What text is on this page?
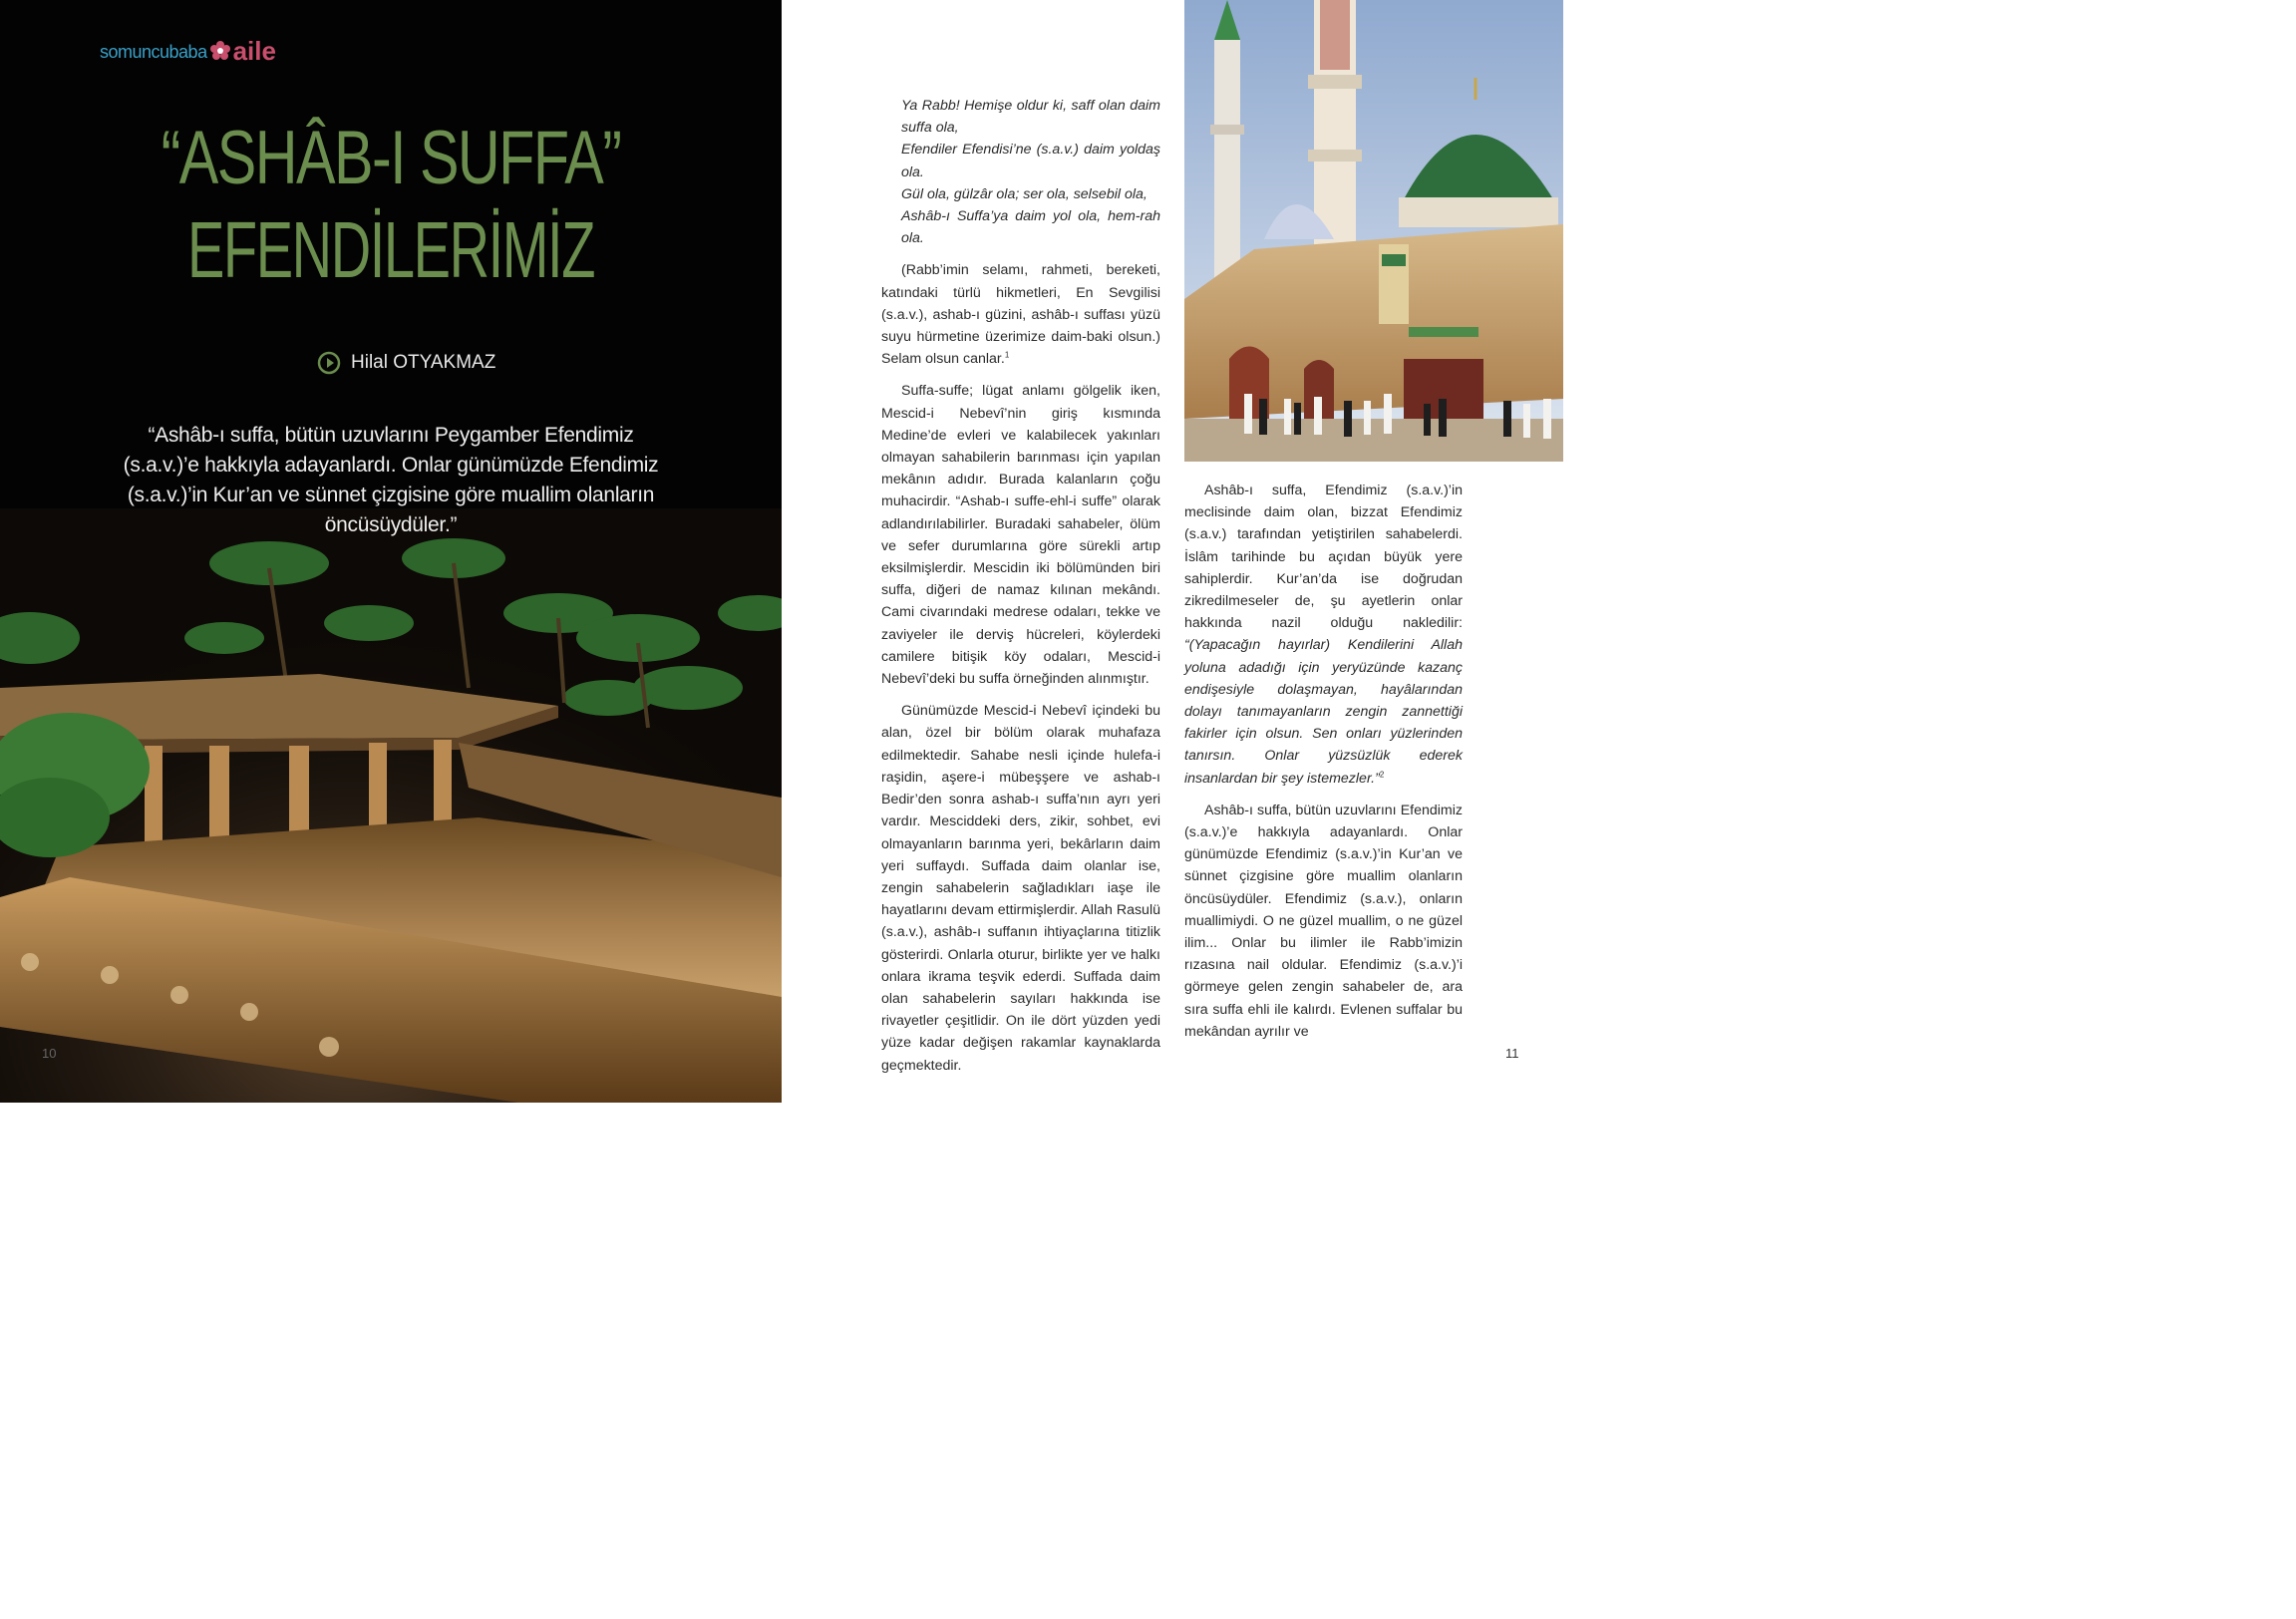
somuncubaba aile
“ASHÂB-I SUFFA”
EFENDİLERİMİZ
Hilal OTYAKMAZ
“Ashâb-ı suffa, bütün uzuvlarını Peygamber Efendimiz (s.a.v.)’e hakkıyla adayanlardı. Onlar günümüzde Efendimiz (s.a.v.)’in Kur’an ve sünnet çizgisine göre muallim olanların öncüsüydüler.”
10

Ya Rabb! Hemişe oldur ki, saff olan daim suffa ola,
Efendiler Efendisi’ne (s.a.v.) daim yoldaş ola.
Gül ola, gülzâr ola; ser ola, selsebil ola,
Ashâb-ı Suffa’ya daim yol ola, hem-rah ola.

(Rabb’imin selamı, rahmeti, bereketi, katındaki türlü hikmetleri, En Sevgilisi (s.a.v.), ashab-ı güzini, ashâb-ı suffası yüzü suyu hürmetine üzerimize daim-baki olsun.) Selam olsun canlar.$^1$

Suffa-suffe; lügat anlamı gölgelik iken, Mescid-i Nebevî’nin giriş kısmında Medine’de evleri ve kalabilecek yakınları olmayan sahabilerin barınması için yapılan mekânın adıdır. Burada kalanların çoğu muhacirdir. “Ashab-ı suffe-ehl-i suffe” olarak adlandırılabilirler. Buradaki sahabeler, ölüm ve sefer durumlarına göre sürekli artıp eksilmişlerdir. Mescidin iki bölümünden biri suffa, diğeri de namaz kılınan mekândı. Cami civarındaki medrese odaları, tekke ve zaviyeler ile derviş hücreleri, köylerdeki camilere bitişik köy odaları, Mescid-i Nebevî’deki bu suffa örneğinden alınmıştır.

Günümüzde Mescid-i Nebevî içindeki bu alan, özel bir bölüm olarak muhafaza edilmektedir. Sahabe nesli içinde hulefa-i raşidin, aşere-i mübeşşere ve ashab-ı Bedir’den sonra ashab-ı suffa’nın ayrı yeri vardır. Mesciddeki ders, zikir, sohbet, evi olmayanların barınma yeri, bekârların daim yeri suffaydı. Suffada daim olanlar ise, zengin sahabelerin sağladıkları iaşe ile hayatlarını devam ettirmişlerdir. Allah Rasulü (s.a.v.), ashâb-ı suffanın ihtiyaçlarına titizlik gösterirdi. Onlarla oturur, birlikte yer ve halkı onlara ikrama teşvik ederdi. Suffada daim olan sahabelerin sayıları hakkında ise rivayetler çeşitlidir. On ile dört yüzden yedi yüze kadar değişen rakamlar kaynaklarda geçmektedir.

Ashâb-ı suffa, Efendimiz (s.a.v.)’in meclisinde daim olan, bizzat Efendimiz (s.a.v.) tarafından yetiştirilen sahabelerdi. İslâm tarihinde bu açıdan büyük yere sahiplerdir. Kur’an’da ise doğrudan zikredilmeseler de, şu ayetlerin onlar hakkında nazil olduğu nakledilir: “(Yapacağın hayırlar) Kendilerini Allah yoluna adadığı için yeryüzünde kazanç endişesiyle dolaşmayan, hayâlarından dolayı tanımayanların zengin zannettiği fakirler için olsun. Sen onları yüzlerinden tanırsın. Onlar yüzsüzlük ederek insanlardan bir şey istemezler.”$^2$

Ashâb-ı suffa, bütün uzuvlarını Efendimiz (s.a.v.)’e hakkıyla adayanlardı. Onlar günümüzde Efendimiz (s.a.v.)’in Kur’an ve sünnet çizgisine göre muallim olanların öncüsüydüler. Efendimiz (s.a.v.), onların muallimiydi. O ne güzel muallim, o ne güzel ilim... Onlar bu ilimler ile Rabb’imizin rızasına nail oldular. Efendimiz (s.a.v.)’i görmeye gelen zengin sahabeler de, ara sıra suffa ehli ile kalırdı. Evlenen suffalar bu mekândan ayrılır ve

11
